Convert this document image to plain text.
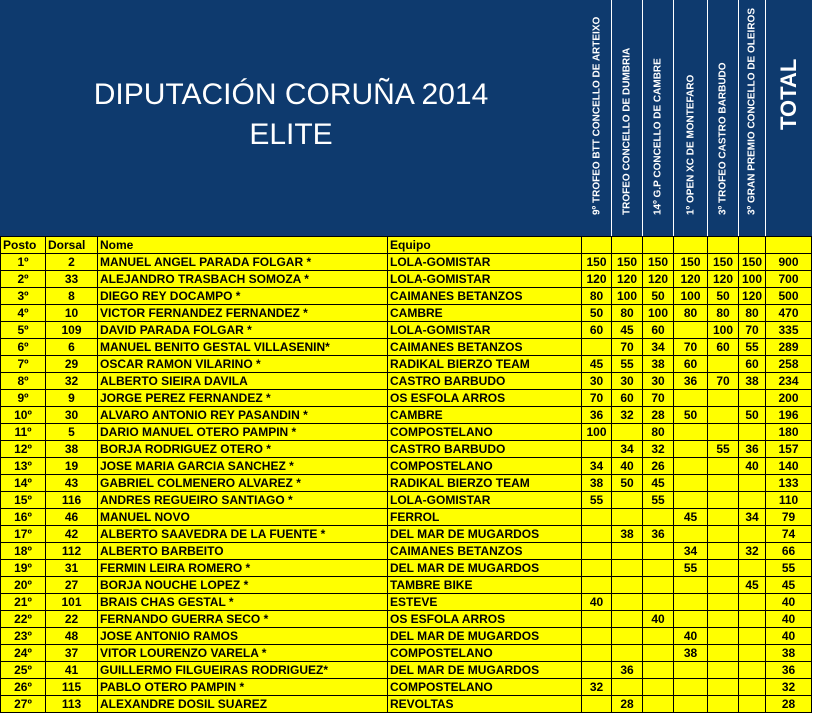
DIPUTACIÓN CORUÑA 2014
ELITE	9º TROFEO BTT CONCELLO DE ARTEIXO TROFEO CONCELLO DE DUMBRIA 14º G.P CONCELLO DE CAMBRE 1º OPEN XC DE MONTEFARO 3º TROFEO CASTRO BARBUDO 3º GRAN PREMIO CONCELLO DE OLEIROS TOTAL
Posto	Dorsal	Nome	Equipo							
1º	2	MANUEL ANGEL PARADA FOLGAR *	LOLA-GOMISTAR	150	150	150	150	150	150	900
2º	33	ALEJANDRO TRASBACH SOMOZA *	LOLA-GOMISTAR	120	120	120	120	120	100	700
3º	8	DIEGO REY DOCAMPO *	CAIMANES BETANZOS	80	100	50	100	50	120	500
4º	10	VICTOR FERNANDEZ FERNANDEZ *	CAMBRE	50	80	100	80	80	80	470
5º	109	DAVID PARADA FOLGAR *	LOLA-GOMISTAR	60	45	60		100	70	335
6º	6	MANUEL BENITO GESTAL VILLASENIN*	CAIMANES BETANZOS		70	34	70	60	55	289
7º	29	OSCAR RAMON VILARINO *	RADIKAL BIERZO TEAM	45	55	38	60		60	258
8º	32	ALBERTO SIEIRA DAVILA	CASTRO BARBUDO	30	30	30	36	70	38	234
9º	9	JORGE PEREZ FERNANDEZ *	OS ESFOLA ARROS	70	60	70				200
10º	30	ALVARO ANTONIO REY PASANDIN *	CAMBRE	36	32	28	50		50	196
11º	5	DARIO MANUEL OTERO PAMPIN *	COMPOSTELANO	100		80				180
12º	38	BORJA RODRIGUEZ OTERO *	CASTRO BARBUDO		34	32		55	36	157
13º	19	JOSE MARIA GARCIA SANCHEZ *	COMPOSTELANO	34	40	26			40	140
14º	43	GABRIEL COLMENERO ALVAREZ *	RADIKAL BIERZO TEAM	38	50	45				133
15º	116	ANDRES REGUEIRO SANTIAGO *	LOLA-GOMISTAR	55		55				110
16º	46	MANUEL NOVO	FERROL				45		34	79
17º	42	ALBERTO SAAVEDRA DE LA FUENTE *	DEL MAR DE MUGARDOS		38	36				74
18º	112	ALBERTO BARBEITO	CAIMANES BETANZOS				34		32	66
19º	31	FERMIN LEIRA ROMERO *	DEL MAR DE MUGARDOS				55			55
20º	27	BORJA NOUCHE LOPEZ *	TAMBRE BIKE						45	45
21º	101	BRAIS CHAS GESTAL *	ESTEVE	40						40
22º	22	FERNANDO GUERRA SECO *	OS ESFOLA ARROS			40				40
23º	48	JOSE ANTONIO RAMOS	DEL MAR DE MUGARDOS				40			40
24º	37	VITOR LOURENZO VARELA *	COMPOSTELANO				38			38
25º	41	GUILLERMO FILGUEIRAS RODRIGUEZ*	DEL MAR DE MUGARDOS		36					36
26º	115	PABLO OTERO PAMPIN *	COMPOSTELANO	32						32
27º	113	ALEXANDRE DOSIL SUAREZ	REVOLTAS		28					28
